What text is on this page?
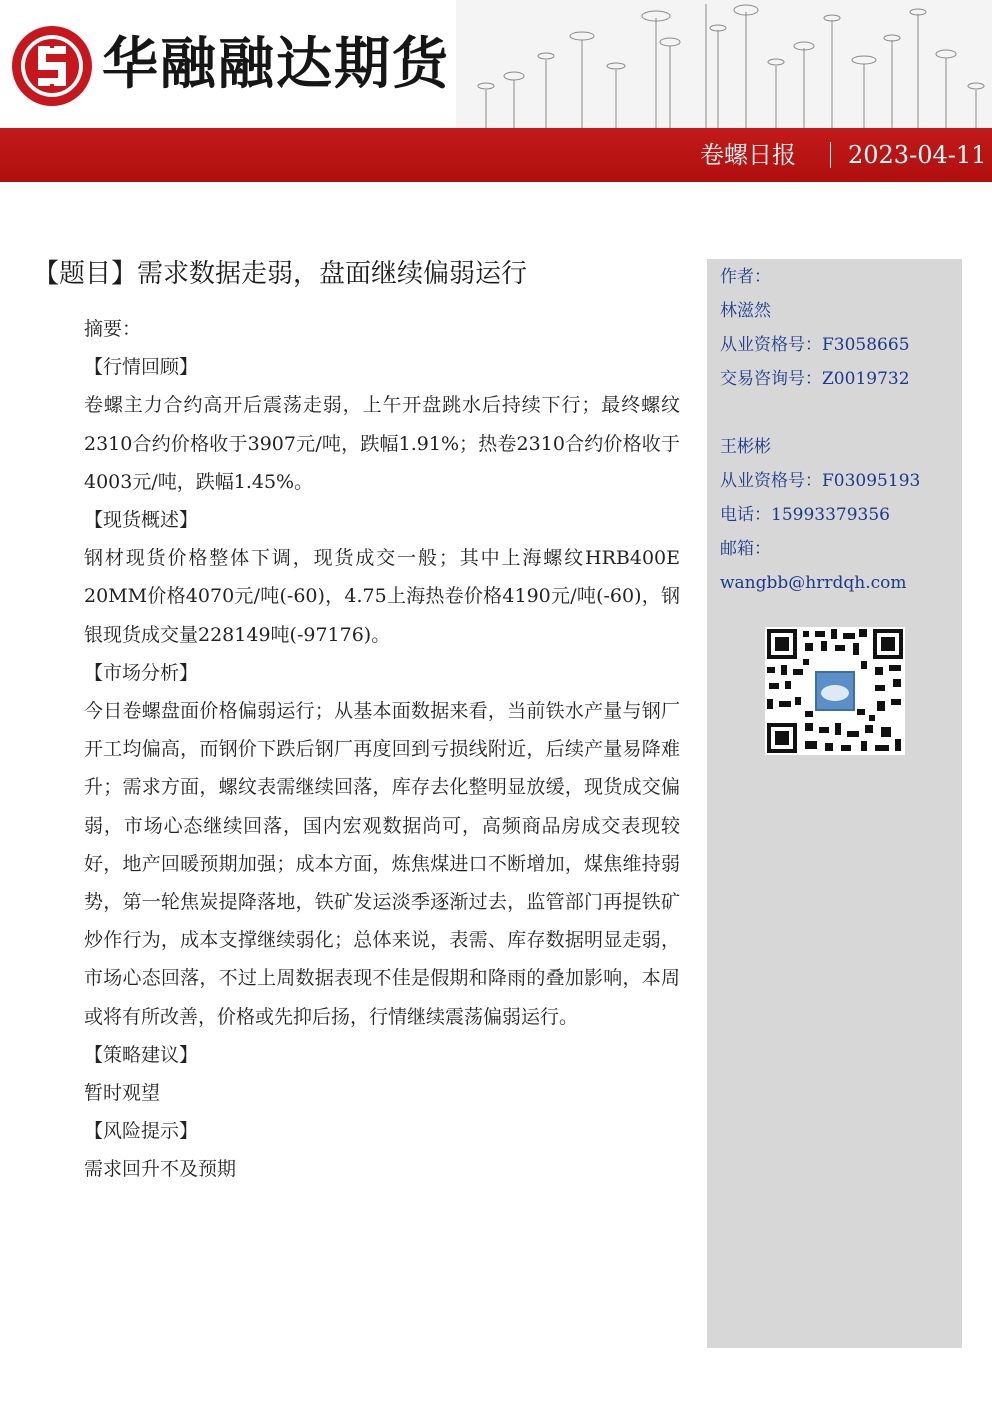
华融融达期货
卷螺日报 2023-04-11
【题目】需求数据走弱，盘面继续偏弱运行

摘要：

【行情回顾】

卷螺主力合约高开后震荡走弱，上午开盘跳水后持续下行；最终螺纹2310合约价格收于3907元/吨，跌幅1.91%；热卷2310合约价格收于4003元/吨，跌幅1.45%。

【现货概述】

钢材现货价格整体下调，现货成交一般；其中上海螺纹HRB400E 20MM价格4070元/吨(-60)，4.75上海热卷价格4190元/吨(-60)，钢银现货成交量228149吨(-97176)。

【市场分析】

今日卷螺盘面价格偏弱运行；从基本面数据来看，当前铁水产量与钢厂开工均偏高，而钢价下跌后钢厂再度回到亏损线附近，后续产量易降难升；需求方面，螺纹表需继续回落，库存去化整明显放缓，现货成交偏弱，市场心态继续回落，国内宏观数据尚可，高频商品房成交表现较好，地产回暖预期加强；成本方面，炼焦煤进口不断增加，煤焦维持弱势，第一轮焦炭提降落地，铁矿发运淡季逐渐过去，监管部门再提铁矿炒作行为，成本支撑继续弱化；总体来说，表需、库存数据明显走弱，市场心态回落，不过上周数据表现不佳是假期和降雨的叠加影响，本周或将有所改善，价格或先抑后扬，行情继续震荡偏弱运行。

【策略建议】

暂时观望

【风险提示】

需求回升不及预期

作者：
林滋然
从业资格号：F3058665
交易咨询号：Z0019732
王彬彬
从业资格号：F03095193
电话：15993379356
邮箱：
wangbb@hrrdqh.com
